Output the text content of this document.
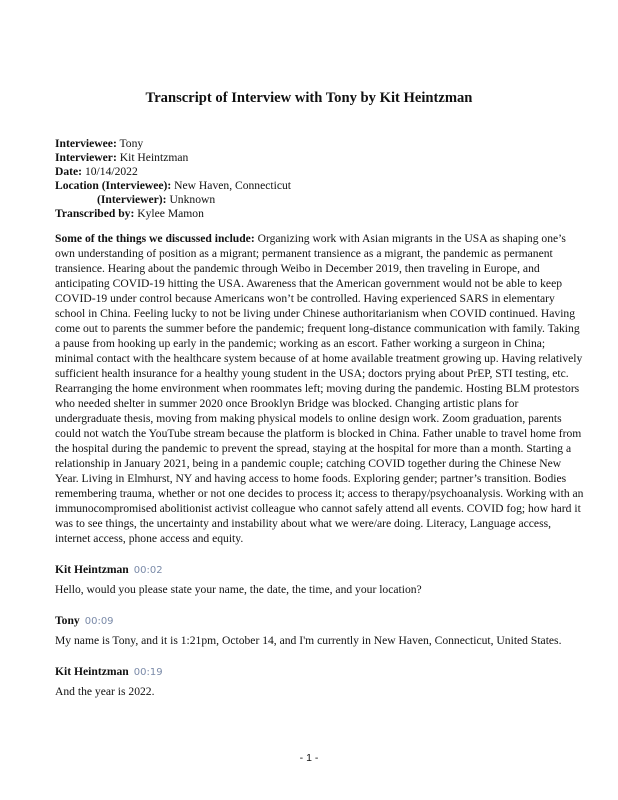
Transcript of Interview with Tony by Kit Heintzman
Interviewee: Tony
Interviewer: Kit Heintzman
Date: 10/14/2022
Location (Interviewee): New Haven, Connecticut
(Interviewer): Unknown
Transcribed by: Kylee Mamon
Some of the things we discussed include: Organizing work with Asian migrants in the USA as shaping one’s own understanding of position as a migrant; permanent transience as a migrant, the pandemic as permanent transience. Hearing about the pandemic through Weibo in December 2019, then traveling in Europe, and anticipating COVID-19 hitting the USA. Awareness that the American government would not be able to keep COVID-19 under control because Americans won’t be controlled. Having experienced SARS in elementary school in China. Feeling lucky to not be living under Chinese authoritarianism when COVID continued. Having come out to parents the summer before the pandemic; frequent long-distance communication with family. Taking a pause from hooking up early in the pandemic; working as an escort. Father working a surgeon in China; minimal contact with the healthcare system because of at home available treatment growing up. Having relatively sufficient health insurance for a healthy young student in the USA; doctors prying about PrEP, STI testing, etc. Rearranging the home environment when roommates left; moving during the pandemic. Hosting BLM protestors who needed shelter in summer 2020 once Brooklyn Bridge was blocked. Changing artistic plans for undergraduate thesis, moving from making physical models to online design work. Zoom graduation, parents could not watch the YouTube stream because the platform is blocked in China. Father unable to travel home from the hospital during the pandemic to prevent the spread, staying at the hospital for more than a month. Starting a relationship in January 2021, being in a pandemic couple; catching COVID together during the Chinese New Year. Living in Elmhurst, NY and having access to home foods. Exploring gender; partner’s transition. Bodies remembering trauma, whether or not one decides to process it; access to therapy/psychoanalysis. Working with an immunocompromised abolitionist activist colleague who cannot safely attend all events. COVID fog; how hard it was to see things, the uncertainty and instability about what we were/are doing. Literacy, Language access, internet access, phone access and equity.
Kit Heintzman 00:02
Hello, would you please state your name, the date, the time, and your location?
Tony 00:09
My name is Tony, and it is 1:21pm, October 14, and I'm currently in New Haven, Connecticut, United States.
Kit Heintzman 00:19
And the year is 2022.
- 1 -
